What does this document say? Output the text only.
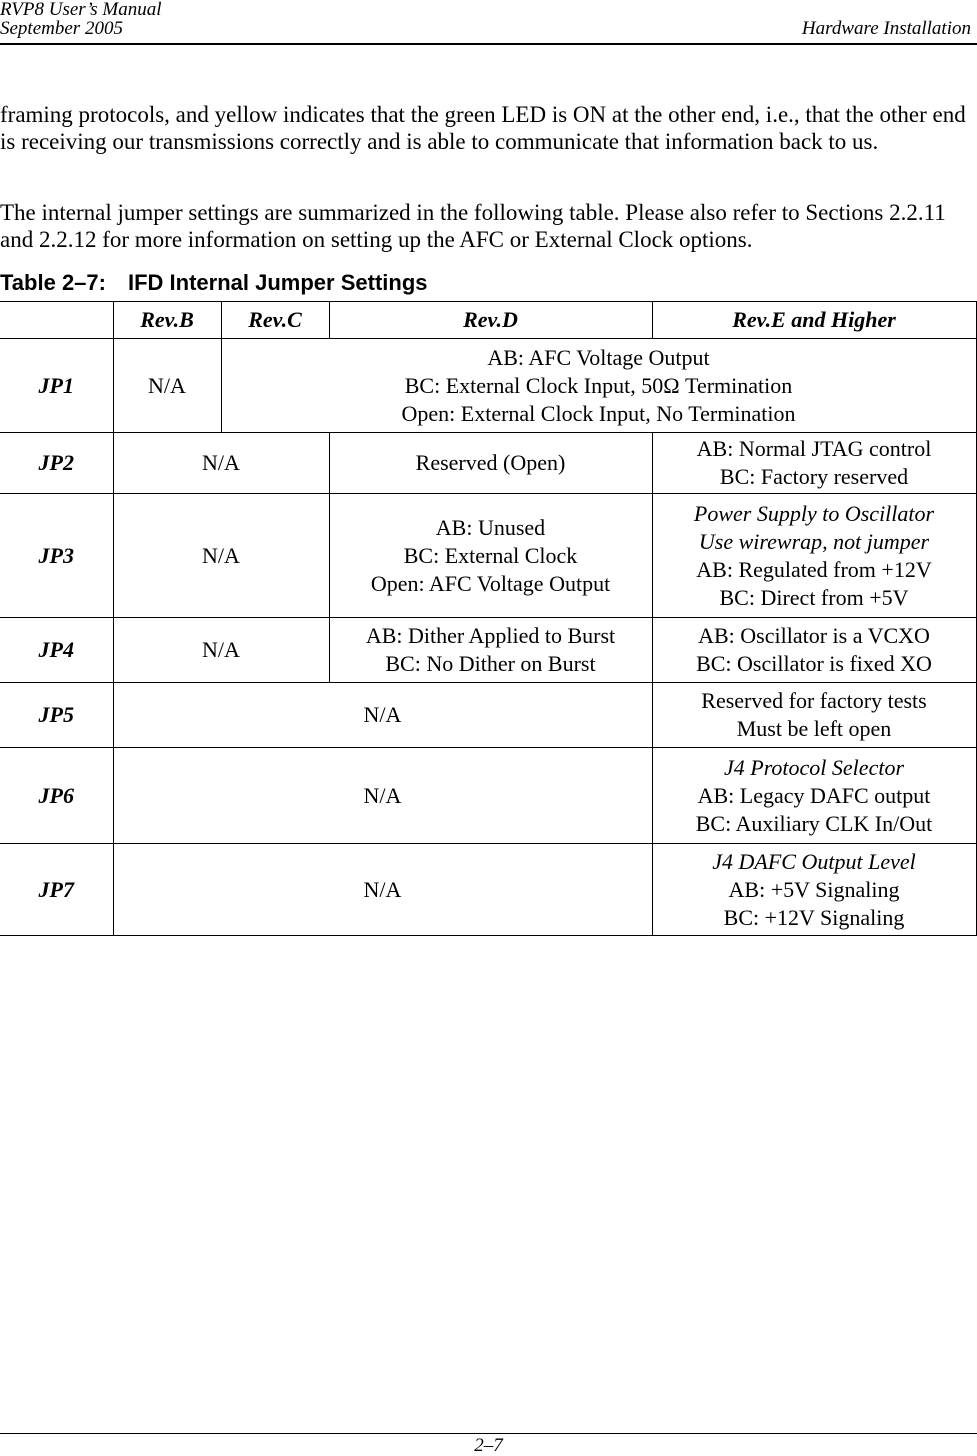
RVP8 User’s Manual
September 2005	Hardware Installation

framing protocols, and yellow indicates that the green LED is ON at the other end, i.e., that the other end is receiving our transmissions correctly and is able to communicate that information back to us.

The internal jumper settings are summarized in the following table. Please also refer to Sections 2.2.11 and 2.2.12 for more information on setting up the AFC or External Clock options.

Table 2–7: IFD Internal Jumper Settings
	Rev.B	Rev.C	Rev.D	Rev.E and Higher
JP1	N/A	AB: AFC Voltage Output
BC: External Clock Input, 50Ω Termination
Open: External Clock Input, No Termination		

JP2	N/A		Reserved (Open)	AB: Normal JTAG control
BC: Factory reserved

JP3	N/A		AB: Unused
BC: External Clock
Open: AFC Voltage Output	Power Supply to Oscillator
Use wirewrap, not jumper
AB: Regulated from +12V
BC: Direct from +5V

JP4	N/A		AB: Dither Applied to Burst
BC: No Dither on Burst	AB: Oscillator is a VCXO
BC: Oscillator is fixed XO

JP5	N/A			Reserved for factory tests
Must be left open

JP6	N/A			J4 Protocol Selector
AB: Legacy DAFC output
BC: Auxiliary CLK In/Out

JP7	N/A			J4 DAFC Output Level
AB: +5V Signaling
BC: +12V Signaling
2–7
